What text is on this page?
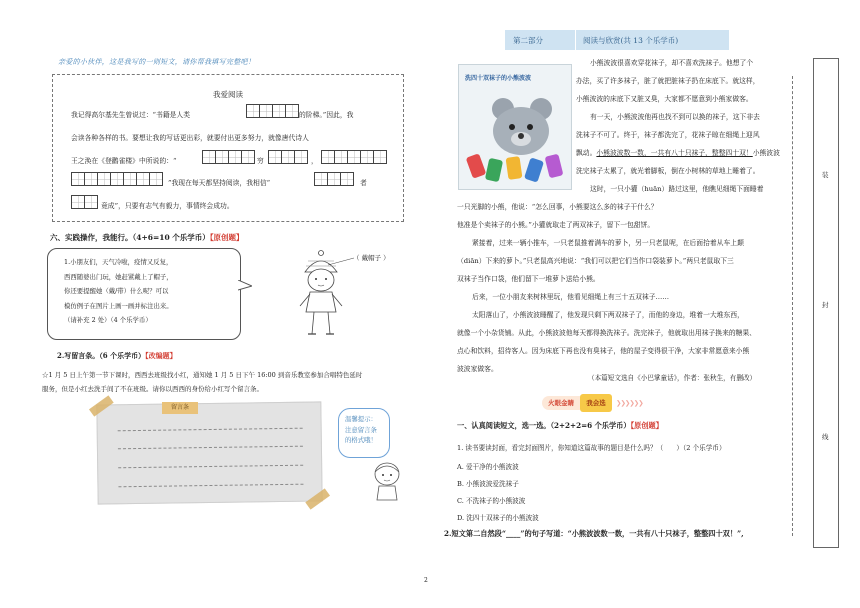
亲爱的小伙伴，这是我写的一则短文，请你帮我填写完整吧！
我爱阅读
我记得高尔基先生曾说过：“书籍是人类	的阶梯。”因此，我
会读各种各样的书。要想让我的写话更出彩，就要付出更多努力，就像唐代诗人
王之涣在《登鹳雀楼》中所说的：“	穷	，
”我现在每天都坚持阅读，我相信“	者
竟成”，只要有志气有毅力，事情终会成功。
六、实践操作，我能行。（4+6=10 个乐学币）【原创题】

1.小朋友们，天气冷啦，疫情又反复，

西西随婆出门玩，她赶紧戴上了帽子，

你还要提醒她（戴/带）什么呢？可以

模仿例子在图片上画一画并标注出来。

（请补充 2 处）（4 个乐学币）

（ 戴帽子 ）
2.写留言条。（6 个乐学币）【改编题】
☆1 月 5 日上午第一节下课时，西西去班级找小红，通知她 1 月 5 日下午 16:00 到音乐教室参加合唱特色延时
服务，但是小红去洗手间了不在班级。请你以西西的身份给小红写个留言条。
留言条
温馨提示：
注意留言条
的格式哦！
2
第二部分	阅读与欣赏(共 13 个乐学币)
洗四十双袜子的小熊波波
小熊波波很喜欢穿花袜子，却不喜欢洗袜子。他想了个
办法，买了许多袜子，脏了就把脏袜子扔在床底下。就这样，
小熊波波的床底下又脏又臭，大家都不愿意到小熊家做客。
有一天，小熊波波他再也找不到可以换的袜子，这下非去
洗袜子不可了。终于，袜子都洗完了，花袜子晾在细绳上迎风
飘动。小熊波波数一数，一共有八十只袜子，整整四十双！小熊波波
洗完袜子太累了，就光着脚板，倒在小树林的草地上睡着了。
这时，一只小獾（huān）路过这里，他瞧见细绳下面睡着
一只光脚的小熊，他说：“怎么回事，小熊要这么多的袜子干什么？
他准是个卖袜子的小熊。”小獾就取走了两双袜子，留下一包甜饼。
紧接着，过来一辆小推车，一只老鼠推着满车的萝卜，另一只老鼠呢，在后面拾着从车上颠
（diān）下来的萝卜。”只老鼠高兴地说：“我们可以把它们当作口袋装萝卜。”两只老鼠取下三
双袜子当作口袋，他们留下一堆萝卜送给小熊。
后来，一位小朋友来树林里玩，他看见细绳上有三十五双袜子……
太阳落山了，小熊波波睡醒了，他发现只剩下两双袜子了，而他的身边，堆着一大堆东西，
就像一个小杂货铺。从此，小熊波波他每天都得换洗袜子。洗完袜子，他就取出用袜子换来的糖果、
点心和饮料，招待客人。因为床底下再也没有臭袜子，他的屋子变得很干净，大家非常愿意来小熊
波波家做客。
（本篇短文选自《小巴掌童话》，作者：张秋生，有删改）
火眼金睛	我会选	❯❯❯❯❯❯
一、认真阅读短文，选一选。（2+2+2=6 个乐学币）【原创题】
1. 读书要读封面，看完封面图片，你知道这篇故事的题目是什么吗？（　　）（2 个乐学币）
A. 爱干净的小熊波波
B. 小熊波波爱洗袜子
C. 不洗袜子的小熊波波
D. 洗四十双袜子的小熊波波
2.短文第二自然段“____”的句子写道：“小熊波波数一数，一共有八十只袜子，整整四十双！”,
装
封
线
